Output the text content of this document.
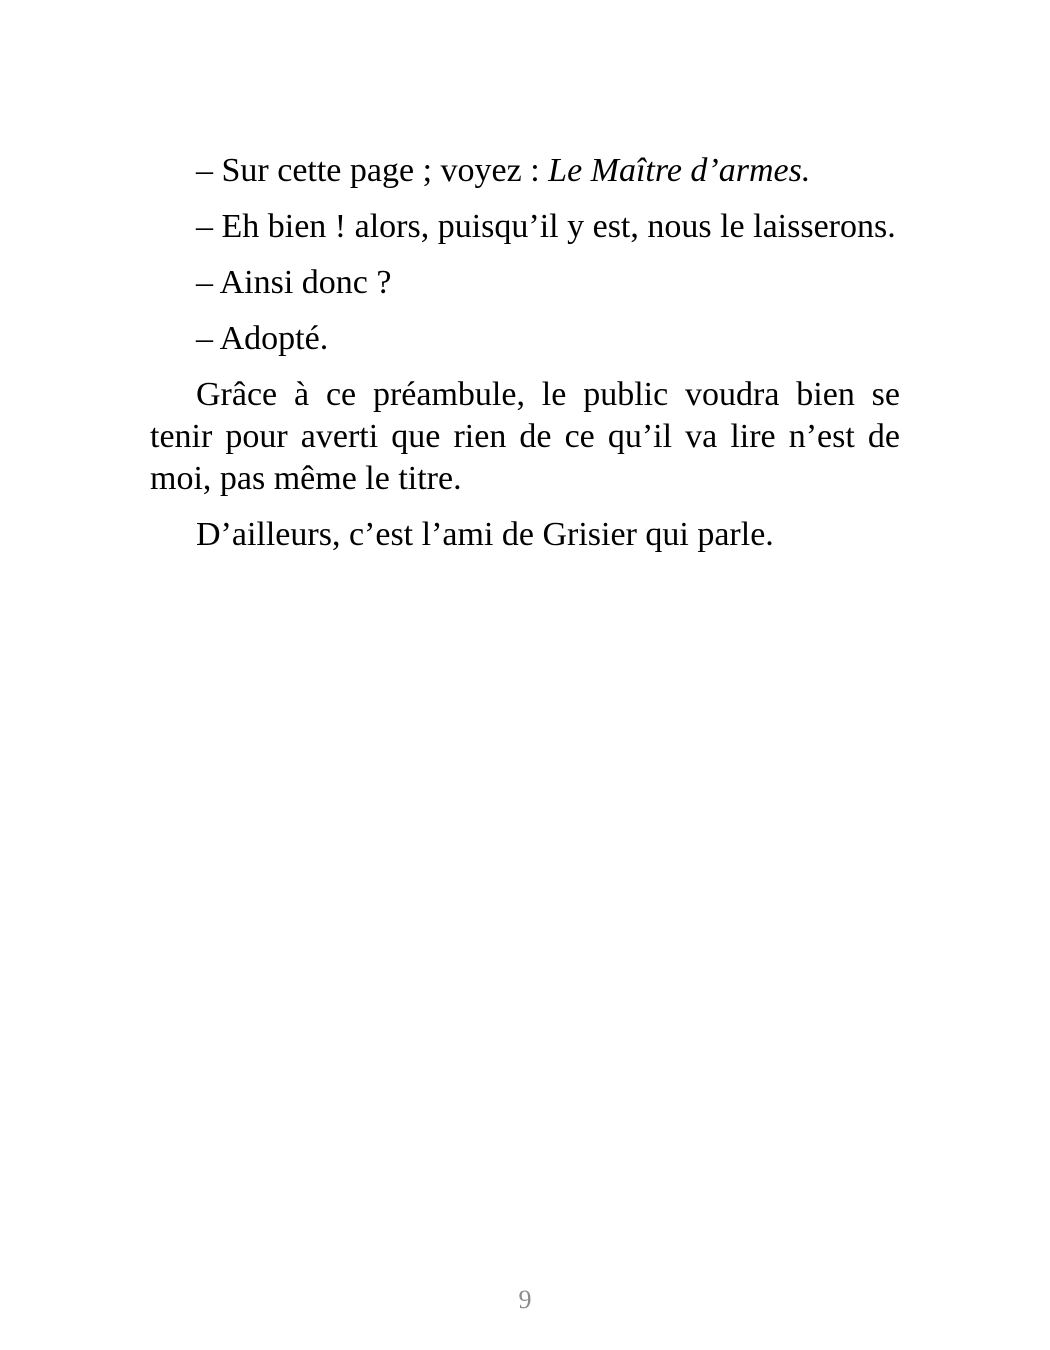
– Sur cette page ; voyez : Le Maître d’armes.

– Eh bien ! alors, puisqu’il y est, nous le laisserons.

– Ainsi donc ?

– Adopté.

Grâce à ce préambule, le public voudra bien se tenir pour averti que rien de ce qu’il va lire n’est de moi, pas même le titre.

D’ailleurs, c’est l’ami de Grisier qui parle.

9
